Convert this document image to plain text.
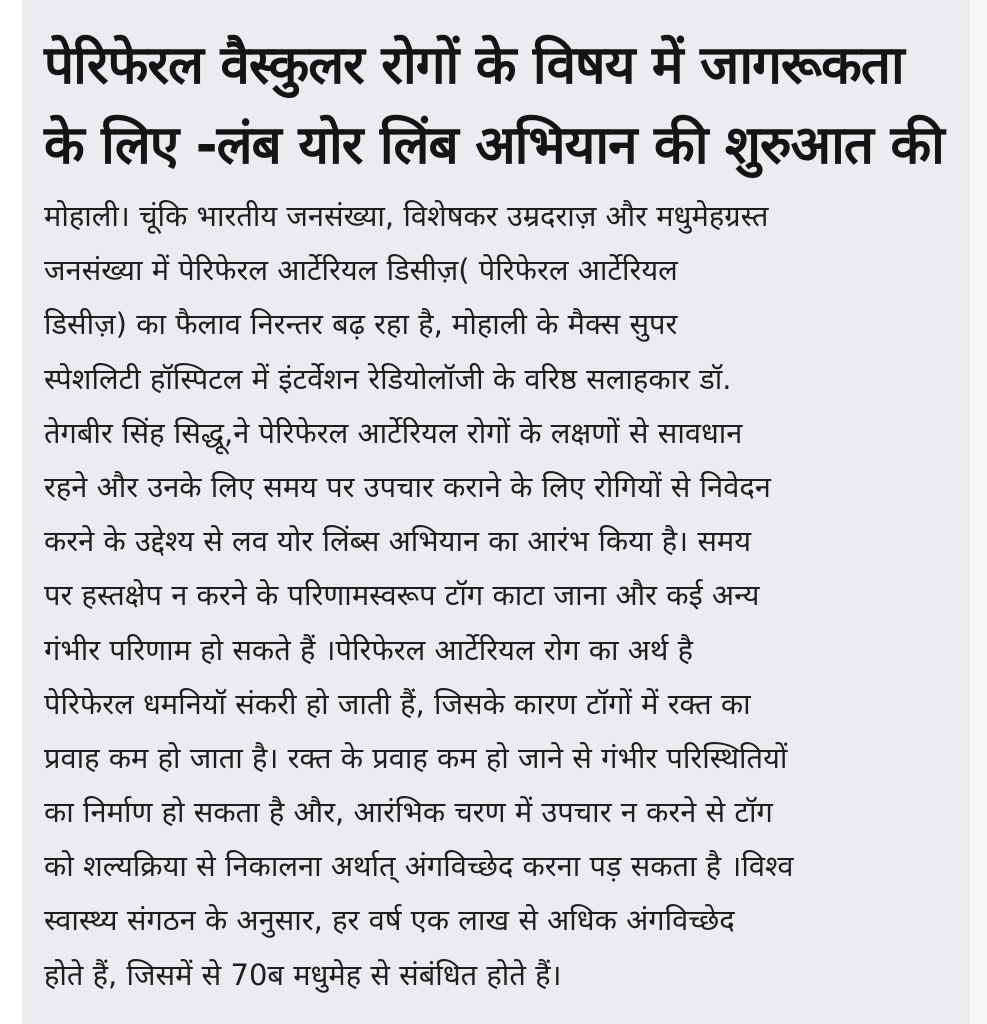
पेरिफेरल वैस्कुलर रोगों के विषय में जागरूकता
के लिए -लंब योर लिंब अभियान की शुरुआत की
मोहाली। चूंकि भारतीय जनसंख्या, विशेषकर उम्रदराज़ और मधुमेहग्रस्त
जनसंख्या में पेरिफेरल आर्टेरियल डिसीज़( पेरिफेरल आर्टेरियल
डिसीज़) का फैलाव निरन्तर बढ़ रहा है, मोहाली के मैक्स सुपर
स्पेशलिटी हॉस्पिटल में इंटर्वेशन रेडियोलॉजी के वरिष्ठ सलाहकार डॉ.
तेगबीर सिंह सिद्धू,ने पेरिफेरल आर्टेरियल रोगों के लक्षणों से सावधान
रहने और उनके लिए समय पर उपचार कराने के लिए रोगियों से निवेदन
करने के उद्देश्य से लव योर लिंब्स अभियान का आरंभ किया है। समय
पर हस्तक्षेप न करने के परिणामस्वरूप टॉग काटा जाना और कई अन्य
गंभीर परिणाम हो सकते हैं ।पेरिफेरल आर्टेरियल रोग का अर्थ है
पेरिफेरल धमनियॉ संकरी हो जाती हैं, जिसके कारण टॉगों में रक्त का
प्रवाह कम हो जाता है। रक्त के प्रवाह कम हो जाने से गंभीर परिस्थितियों
का निर्माण हो सकता है और, आरंभिक चरण में उपचार न करने से टॉग
को शल्यक्रिया से निकालना अर्थात् अंगविच्छेद करना पड़ सकता है ।विश्व
स्वास्थ्य संगठन के अनुसार, हर वर्ष एक लाख से अधिक अंगविच्छेद
होते हैं, जिसमें से 70ब मधुमेह से संबंधित होते हैं।
